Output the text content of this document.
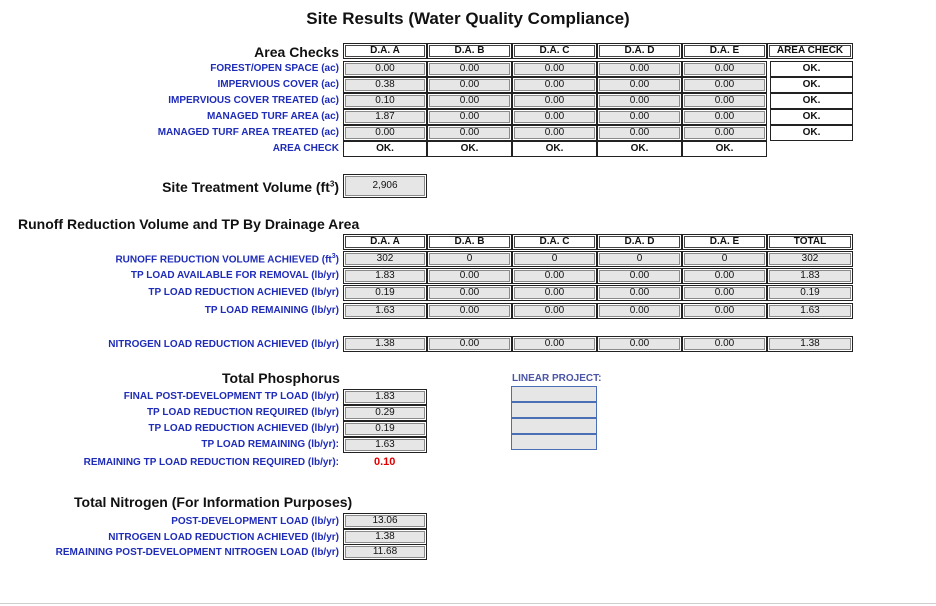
Site Results (Water Quality Compliance)
Area Checks	D.A. A	D.A. B	D.A. C	D.A. D	D.A. E	AREA CHECK
FOREST/OPEN SPACE (ac)	0.00	0.00	0.00	0.00	0.00	OK.
IMPERVIOUS COVER (ac)	0.38	0.00	0.00	0.00	0.00	OK.
IMPERVIOUS COVER TREATED (ac)	0.10	0.00	0.00	0.00	0.00	OK.
MANAGED TURF AREA (ac)	1.87	0.00	0.00	0.00	0.00	OK.
MANAGED TURF AREA TREATED (ac)	0.00	0.00	0.00	0.00	0.00	OK.
AREA CHECK	OK.	OK.	OK.	OK.	OK.
Site Treatment Volume $(ft^3)$	2,906
Runoff Reduction Volume and TP By Drainage Area
D.A. A	D.A. B	D.A. C	D.A. D	D.A. E	TOTAL
RUNOFF REDUCTION VOLUME ACHIEVED $(ft^3)$	302	0	0	0	0	302
TP LOAD AVAILABLE FOR REMOVAL (lb/yr)	1.83	0.00	0.00	0.00	0.00	1.83
TP LOAD REDUCTION ACHIEVED (lb/yr)	0.19	0.00	0.00	0.00	0.00	0.19
TP LOAD REMAINING (lb/yr)	1.63	0.00	0.00	0.00	0.00	1.63
NITROGEN LOAD REDUCTION ACHIEVED (lb/yr)	1.38	0.00	0.00	0.00	0.00	1.38
Total Phosphorus
FINAL POST-DEVELOPMENT TP LOAD (lb/yr)	1.83
TP LOAD REDUCTION REQUIRED (lb/yr)	0.29
TP LOAD REDUCTION ACHIEVED (lb/yr)	0.19
TP LOAD REMAINING (lb/yr):	1.63
REMAINING TP LOAD REDUCTION REQUIRED (lb/yr):	0.10
LINEAR PROJECT:
Total Nitrogen (For Information Purposes)
POST-DEVELOPMENT LOAD (lb/yr)	13.06
NITROGEN LOAD REDUCTION ACHIEVED (lb/yr)	1.38
REMAINING POST-DEVELOPMENT NITROGEN LOAD (lb/yr)	11.68
